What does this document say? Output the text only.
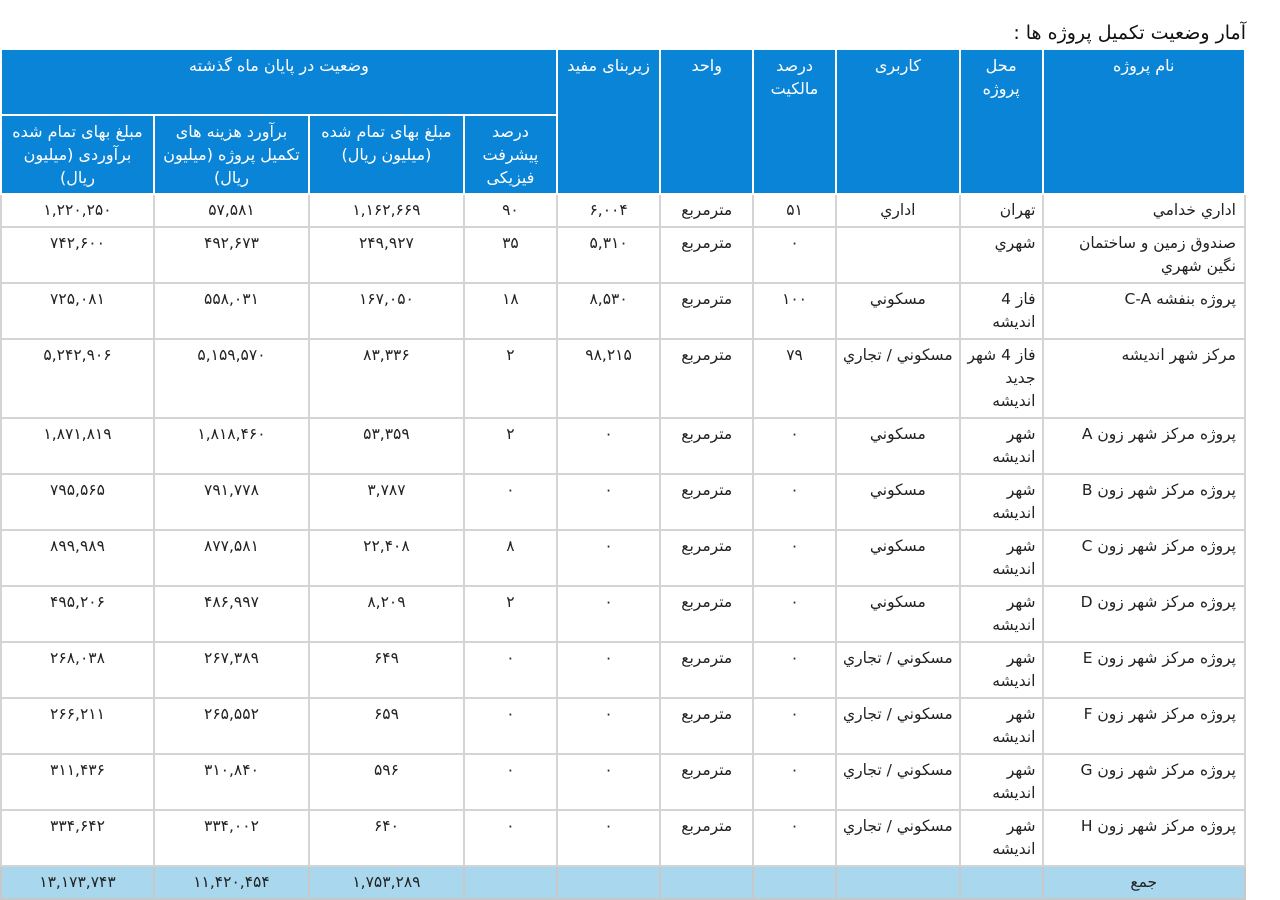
آمار وضعیت تکمیل پروژه ها :
نام پروژه	محل پروژه	کاربری	درصد مالکیت	واحد	زیربنای مفید	وضعیت در پایان ماه گذشته			
						درصد پیشرفت فیزیکی	مبلغ بهای تمام شده (میلیون ریال)	برآورد هزینه های تکمیل پروژه (میلیون ریال)	مبلغ بهای تمام شده برآوردی (میلیون ریال)
اداري خدامي	تهران	اداري	۵۱	مترمربع	۶,۰۰۴	۹۰	۱,۱۶۲,۶۶۹	۵۷,۵۸۱	۱,۲۲۰,۲۵۰
صندوق زمین و ساختمان نگین شهري	شهري		۰	مترمربع	۵,۳۱۰	۳۵	۲۴۹,۹۲۷	۴۹۲,۶۷۳	۷۴۲,۶۰۰
پروژه بنفشه C-A	فاز 4 اندیشه	مسکوني	۱۰۰	مترمربع	۸,۵۳۰	۱۸	۱۶۷,۰۵۰	۵۵۸,۰۳۱	۷۲۵,۰۸۱
مرکز شهر اندیشه	فاز 4 شهر جدید اندیشه	مسکوني / تجاري	۷۹	مترمربع	۹۸,۲۱۵	۲	۸۳,۳۳۶	۵,۱۵۹,۵۷۰	۵,۲۴۲,۹۰۶
پروژه مرکز شهر زون A	شهر اندیشه	مسکوني	۰	مترمربع	۰	۲	۵۳,۳۵۹	۱,۸۱۸,۴۶۰	۱,۸۷۱,۸۱۹
پروژه مرکز شهر زون B	شهر اندیشه	مسکوني	۰	مترمربع	۰	۰	۳,۷۸۷	۷۹۱,۷۷۸	۷۹۵,۵۶۵
پروژه مرکز شهر زون C	شهر اندیشه	مسکوني	۰	مترمربع	۰	۸	۲۲,۴۰۸	۸۷۷,۵۸۱	۸۹۹,۹۸۹
پروژه مرکز شهر زون D	شهر اندیشه	مسکوني	۰	مترمربع	۰	۲	۸,۲۰۹	۴۸۶,۹۹۷	۴۹۵,۲۰۶
پروژه مرکز شهر زون E	شهر اندیشه	مسکوني / تجاري	۰	مترمربع	۰	۰	۶۴۹	۲۶۷,۳۸۹	۲۶۸,۰۳۸
پروژه مرکز شهر زون F	شهر اندیشه	مسکوني / تجاري	۰	مترمربع	۰	۰	۶۵۹	۲۶۵,۵۵۲	۲۶۶,۲۱۱
پروژه مرکز شهر زون G	شهر اندیشه	مسکوني / تجاري	۰	مترمربع	۰	۰	۵۹۶	۳۱۰,۸۴۰	۳۱۱,۴۳۶
پروژه مرکز شهر زون H	شهر اندیشه	مسکوني / تجاري	۰	مترمربع	۰	۰	۶۴۰	۳۳۴,۰۰۲	۳۳۴,۶۴۲
جمع							۱,۷۵۳,۲۸۹	۱۱,۴۲۰,۴۵۴	۱۳,۱۷۳,۷۴۳
